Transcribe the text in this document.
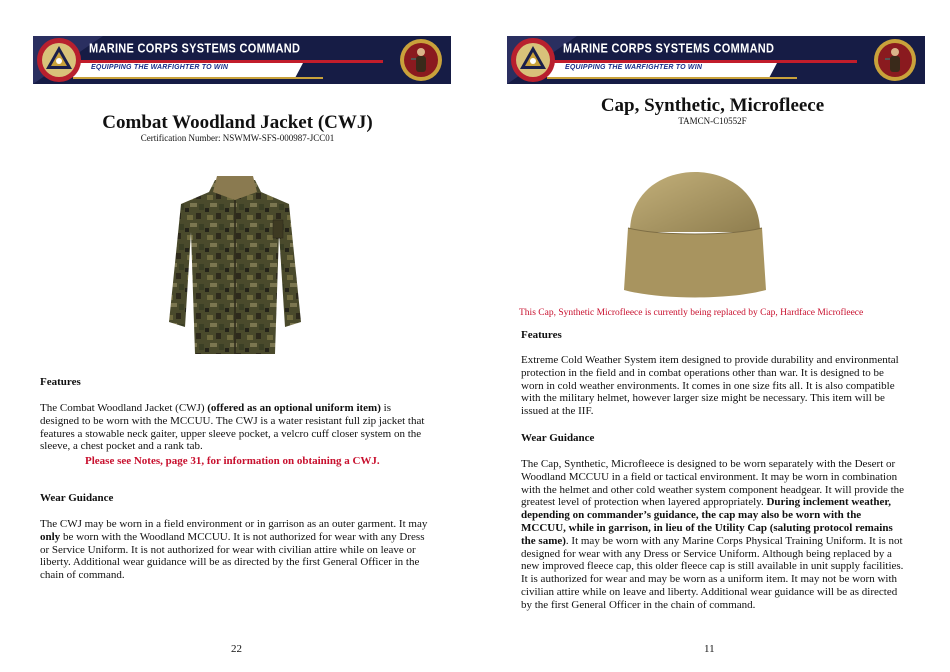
MARINE CORPS SYSTEMS COMMAND
EQUIPPING THE WARFIGHTER TO WIN
Combat Woodland Jacket (CWJ)
Certification Number: NSWMW-SFS-000987-JCC01
Features
The Combat Woodland Jacket (CWJ) (offered as an optional uniform item) is designed to be worn with the MCCUU. The CWJ is a water resistant full zip jacket that features a stowable neck gaiter, upper sleeve pocket, a velcro cuff closer system on the sleeve, a chest pocket and a rank tab.
Please see Notes, page 31, for information on obtaining a CWJ.
Wear Guidance
The CWJ may be worn in a field environment or in garrison as an outer garment. It may only be worn with the Woodland MCCUU. It is not authorized for wear with any Dress or Service Uniform. It is not authorized for wear with civilian attire while on leave or liberty. Additional wear guidance will be as directed by the first General Officer in the chain of command.
22
MARINE CORPS SYSTEMS COMMAND
EQUIPPING THE WARFIGHTER TO WIN
Cap, Synthetic, Microfleece
TAMCN-C10552F
This Cap, Synthetic Microfleece is currently being replaced by Cap, Hardface Microfleece
Features
Extreme Cold Weather System item designed to provide durability and environmental protection in the field and in combat operations other than war. It is designed to be worn in cold weather environments. It comes in one size fits all. It is also compatible with the military helmet, however larger size might be necessary. This item will be issued at the IIF.
Wear Guidance
The Cap, Synthetic, Microfleece is designed to be worn separately with the Desert or Woodland MCCUU in a field or tactical environment. It may be worn in combination with the helmet and other cold weather system component headgear. It will provide the greatest level of protection when layered appropriately. During inclement weather, depending on commander’s guidance, the cap may also be worn with the MCCUU, while in garrison, in lieu of the Utility Cap (saluting protocol remains the same). It may be worn with any Marine Corps Physical Training Uniform. It is not designed for wear with any Dress or Service Uniform. Although being replaced by a new improved fleece cap, this older fleece cap is still available in unit supply facilities. It is authorized for wear and may be worn as a uniform item. It may not be worn with civilian attire while on leave and liberty. Additional wear guidance will be as directed by the first General Officer in the chain of command.
11
